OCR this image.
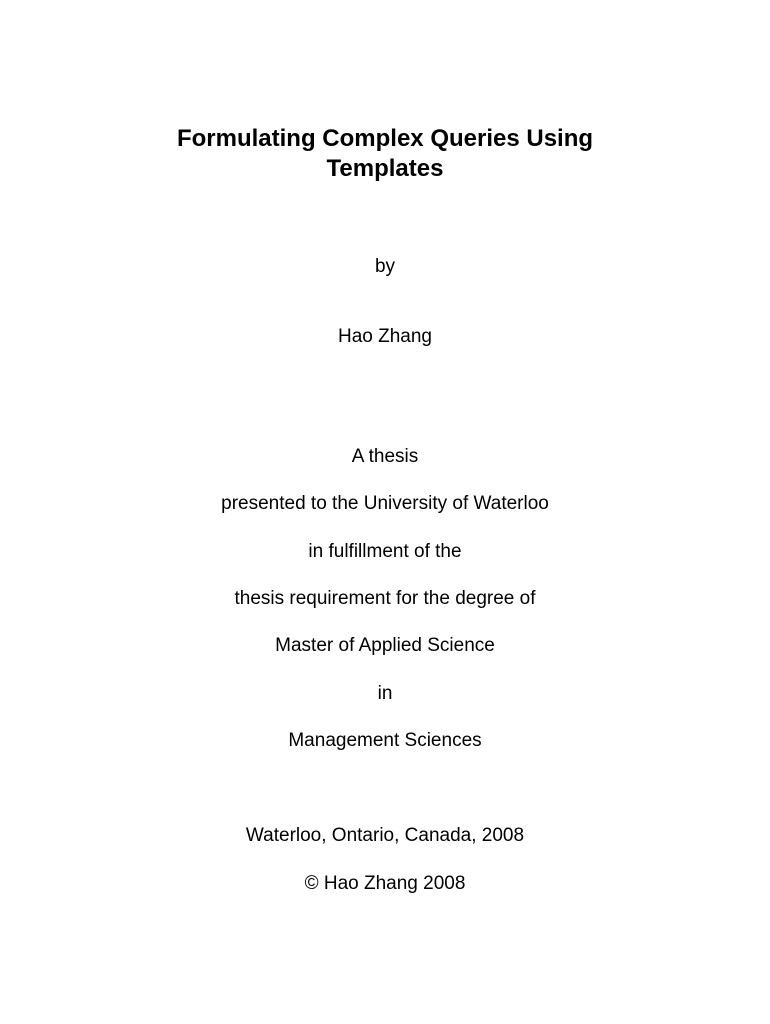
Formulating Complex Queries Using
Templates
by
Hao Zhang
A thesis
presented to the University of Waterloo
in fulfillment of the
thesis requirement for the degree of
Master of Applied Science
in
Management Sciences
Waterloo, Ontario, Canada, 2008
© Hao Zhang 2008
